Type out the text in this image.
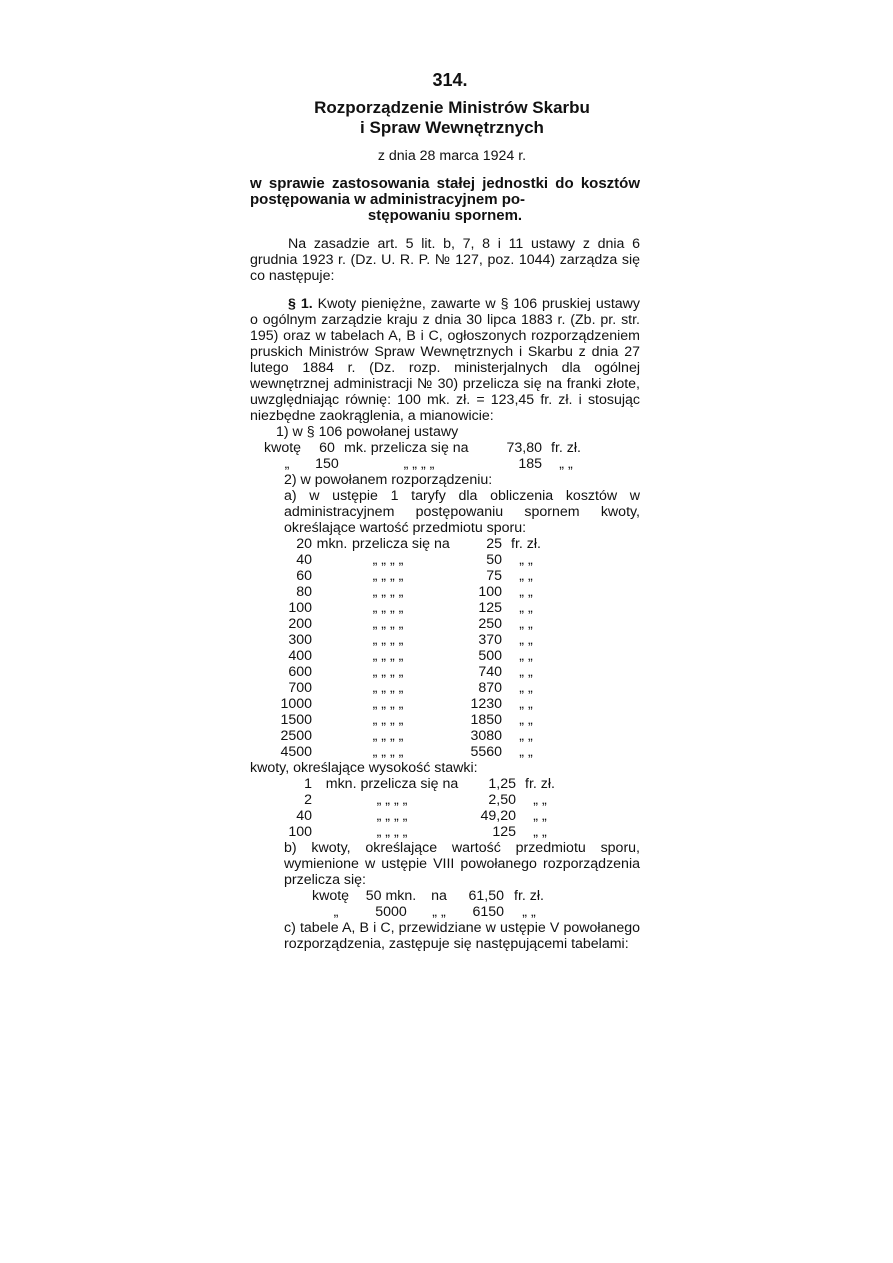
314.
Rozporządzenie Ministrów Skarbu
i Spraw Wewnętrznych
z dnia 28 marca 1924 r.
w sprawie zastosowania stałej jednostki do kosztów postępowania w administracyjnem po-
stępowaniu spornem.

Na zasadzie art. 5 lit. b, 7, 8 i 11 ustawy z dnia 6 grudnia 1923 r. (Dz. U. R. P. № 127, poz. 1044) zarządza się co następuje:

§ 1. Kwoty pieniężne, zawarte w § 106 pruskiej ustawy o ogólnym zarządzie kraju z dnia 30 lipca 1883 r. (Zb. pr. str. 195) oraz w tabelach A, B i C, ogłoszonych rozporządzeniem pruskich Ministrów Spraw Wewnętrznych i Skarbu z dnia 27 lutego 1884 r. (Dz. rozp. ministerjalnych dla ogólnej wewnętrznej administracji № 30) przelicza się na franki złote, uwzględniając równię: 100 mk. zł. = 123,45 fr. zł. i stosując niezbędne zaokrąglenia, a mianowicie:

1) w § 106 powołanej ustawy
kwotę	60 mk. przelicza się na	73,80 fr. zł.
„	150	„ „ „ „	185	„ „
2) w powołanem rozporządzeniu:

a) w ustępie 1 taryfy dla obliczenia kosztów w administracyjnem postępowaniu spornem kwoty, określające wartość przedmiotu sporu:

20 mkn. przelicza się na	25 fr. zł.
40	„ „ „ „	50	„ „
60	„ „ „ „	75	„ „
80	„ „ „ „	100	„ „
100	„ „ „ „	125	„ „
200	„ „ „ „	250	„ „
300	„ „ „ „	370	„ „
400	„ „ „ „	500	„ „
600	„ „ „ „	740	„ „
700	„ „ „ „	870	„ „
1000	„ „ „ „	1230	„ „
1500	„ „ „ „	1850	„ „
2500	„ „ „ „	3080	„ „
4500	„ „ „ „	5560	„ „
kwoty, określające wysokość stawki:
1 mkn. przelicza się na	1,25 fr. zł.
2	„ „ „ „	2,50	„ „
40	„ „ „ „	49,20	„ „
100	„ „ „ „	125	„ „

b) kwoty, określające wartość przedmiotu sporu, wymienione w ustępie VIII powołanego rozporządzenia przelicza się:

kwotę	50 mkn.	na	61,50 fr. zł.
„	5000	„ „	6150	„ „

c) tabele A, B i C, przewidziane w ustępie V powołanego rozporządzenia, zastępuje się następującemi tabelami:
